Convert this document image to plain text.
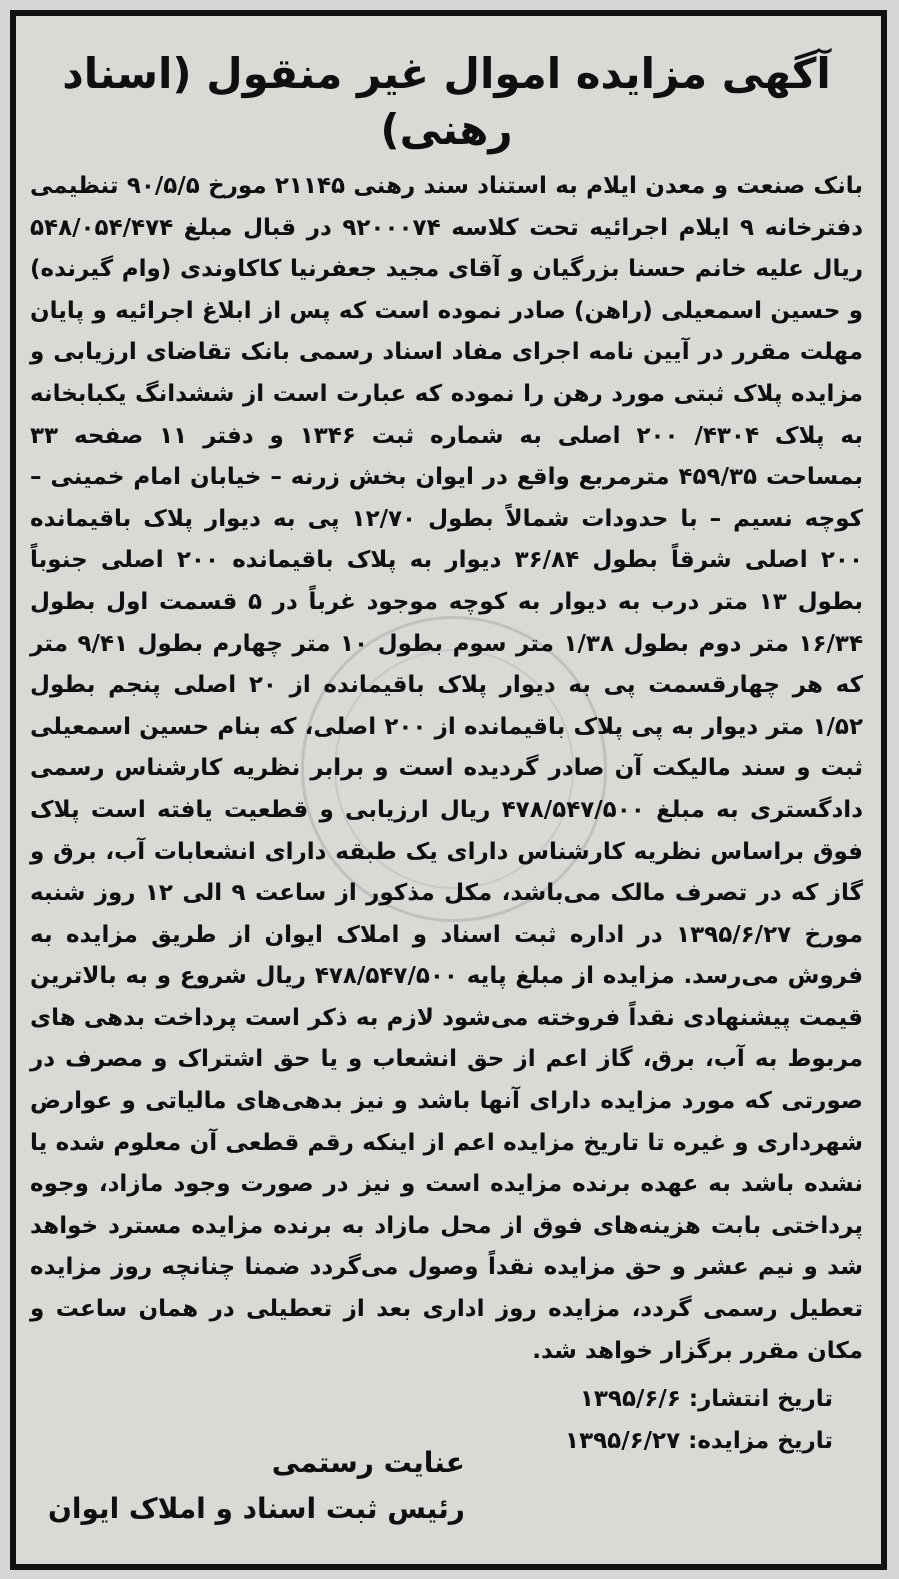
آگهی مزایده اموال غیر منقول (اسناد رهنی)

بانک صنعت و معدن ایلام به استناد سند رهنی ۲۱۱۴۵ مورخ ۹۰/۵/۵ تنظیمی دفترخانه ۹ ایلام اجرائیه تحت کلاسه ۹۲۰۰۰۷۴ در قبال مبلغ ۵۴۸/۰۵۴/۴۷۴ ریال علیه خانم حسنا بزرگیان و آقای مجید جعفرنیا کاکاوندی (وام گیرنده) و حسین اسمعیلی (راهن) صادر نموده است که پس از ابلاغ اجرائیه و پایان مهلت مقرر در آیین نامه اجرای مفاد اسناد رسمی بانک تقاضای ارزیابی و مزایده پلاک ثبتی مورد رهن را نموده که عبارت است از ششدانگ یکبابخانه به پلاک ۴۳۰۴/ ۲۰۰ اصلی به شماره ثبت ۱۳۴۶ و دفتر ۱۱ صفحه ۳۳ بمساحت ۴۵۹/۳۵ مترمربع واقع در ایوان بخش زرنه – خیابان امام خمینی – کوچه نسیم – با حدودات شمالاً بطول ۱۲/۷۰ پی به دیوار پلاک باقیمانده ۲۰۰ اصلی شرقاً بطول ۳۶/۸۴ دیوار به پلاک باقیمانده ۲۰۰ اصلی جنوباً بطول ۱۳ متر درب به دیوار به کوچه موجود غرباً در ۵ قسمت اول بطول ۱۶/۳۴ متر دوم بطول ۱/۳۸ متر سوم بطول ۱۰ متر چهارم بطول ۹/۴۱ متر که هر چهارقسمت پی به دیوار پلاک باقیمانده از ۲۰ اصلی پنجم بطول ۱/۵۲ متر دیوار به پی پلاک باقیمانده از ۲۰۰ اصلی، که بنام حسین اسمعیلی ثبت و سند مالیکت آن صادر گردیده است و برابر نظریه کارشناس رسمی دادگستری به مبلغ ۴۷۸/۵۴۷/۵۰۰ ریال ارزیابی و قطعیت یافته است پلاک فوق براساس نظریه کارشناس دارای یک طبقه دارای انشعابات آب، برق و گاز که در تصرف مالک می‌باشد، مکل مذکور از ساعت ۹ الی ۱۲ روز شنبه مورخ ۱۳۹۵/۶/۲۷ در اداره ثبت اسناد و املاک ایوان از طریق مزایده به فروش می‌رسد. مزایده از مبلغ پایه ۴۷۸/۵۴۷/۵۰۰ ریال شروع و به بالاترین قیمت پیشنهادی نقداً فروخته می‌شود لازم به ذکر است پرداخت بدهی های مربوط به آب، برق، گاز اعم از حق انشعاب و یا حق اشتراک و مصرف در صورتی که مورد مزایده دارای آنها باشد و نیز بدهی‌های مالیاتی و عوارض شهرداری و غیره تا تاریخ مزایده اعم از اینکه رقم قطعی آن معلوم شده یا نشده باشد به عهده برنده مزایده است و نیز در صورت وجود مازاد، وجوه پرداختی بابت هزینه‌های فوق از محل مازاد به برنده مزایده مسترد خواهد شد و نیم عشر و حق مزایده نقداً وصول می‌گردد ضمنا چنانچه روز مزایده تعطیل رسمی گردد، مزایده روز اداری بعد از تعطیلی در همان ساعت و مکان مقرر برگزار خواهد شد.

تاریخ انتشار: ۱۳۹۵/۶/۶
تاریخ مزایده: ۱۳۹۵/۶/۲۷
عنایت رستمی
رئیس ثبت اسناد و املاک ایوان
